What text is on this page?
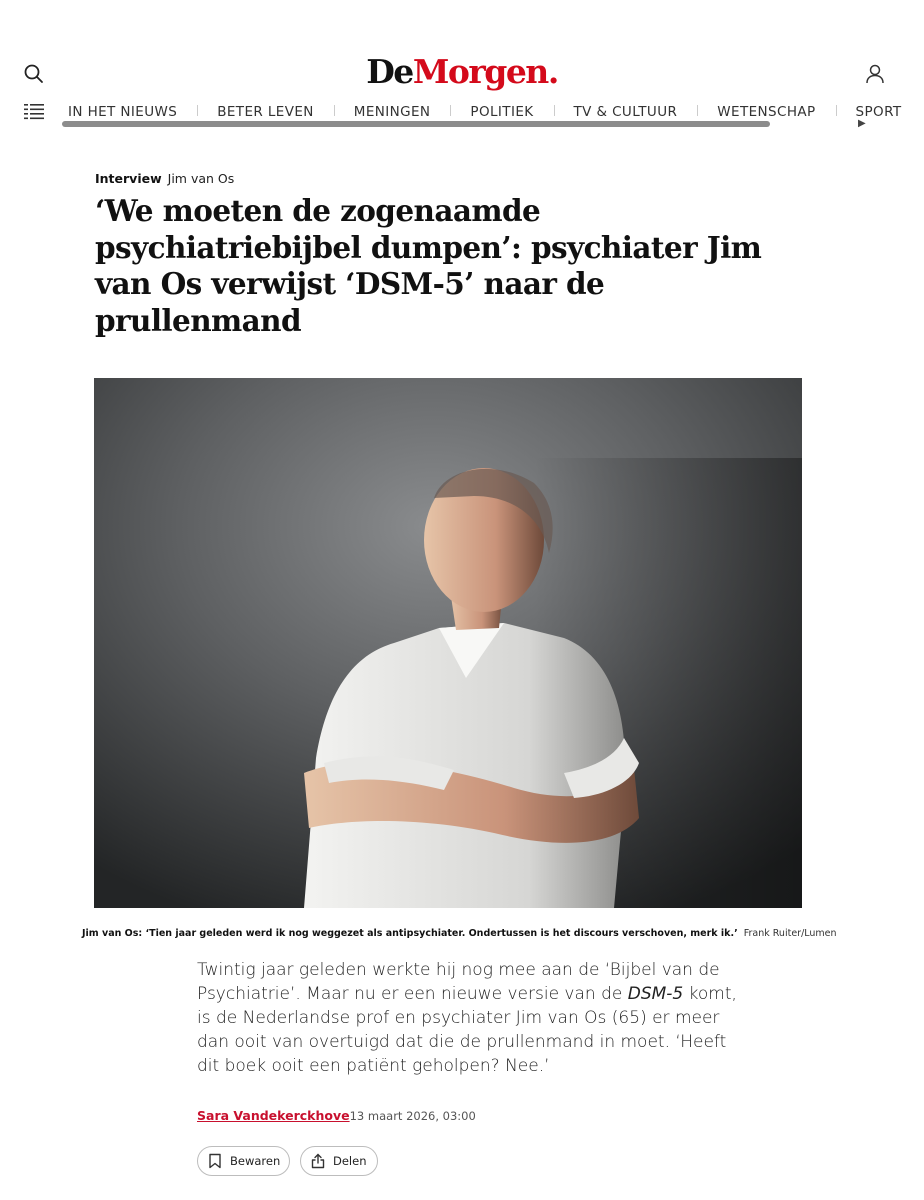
DeMorgen.
IN HET NIEUWS	BETER LEVEN	MENINGEN	POLITIEK	TV & CULTUUR	WETENSCHAP	SPORT
▶
Interview Jim van Os
‘We moeten de zogenaamde psychiatriebijbel dumpen’: psychiater Jim van Os verwijst ‘DSM-5’ naar de prullenmand
Jim van Os: ‘Tien jaar geleden werd ik nog weggezet als antipsychiater. Ondertussen is het discours verschoven, merk ik.’ Frank Ruiter/Lumen

Twintig jaar geleden werkte hij nog mee aan de ‘Bijbel van de Psychiatrie’. Maar nu er een nieuwe versie van de DSM-5 komt, is de Nederlandse prof en psychiater Jim van Os (65) er meer dan ooit van overtuigd dat die de prullenmand in moet. ‘Heeft dit boek ooit een patiënt geholpen? Nee.’

Sara Vandekerckhove 13 maart 2026, 03:00
Bewaren	Delen
